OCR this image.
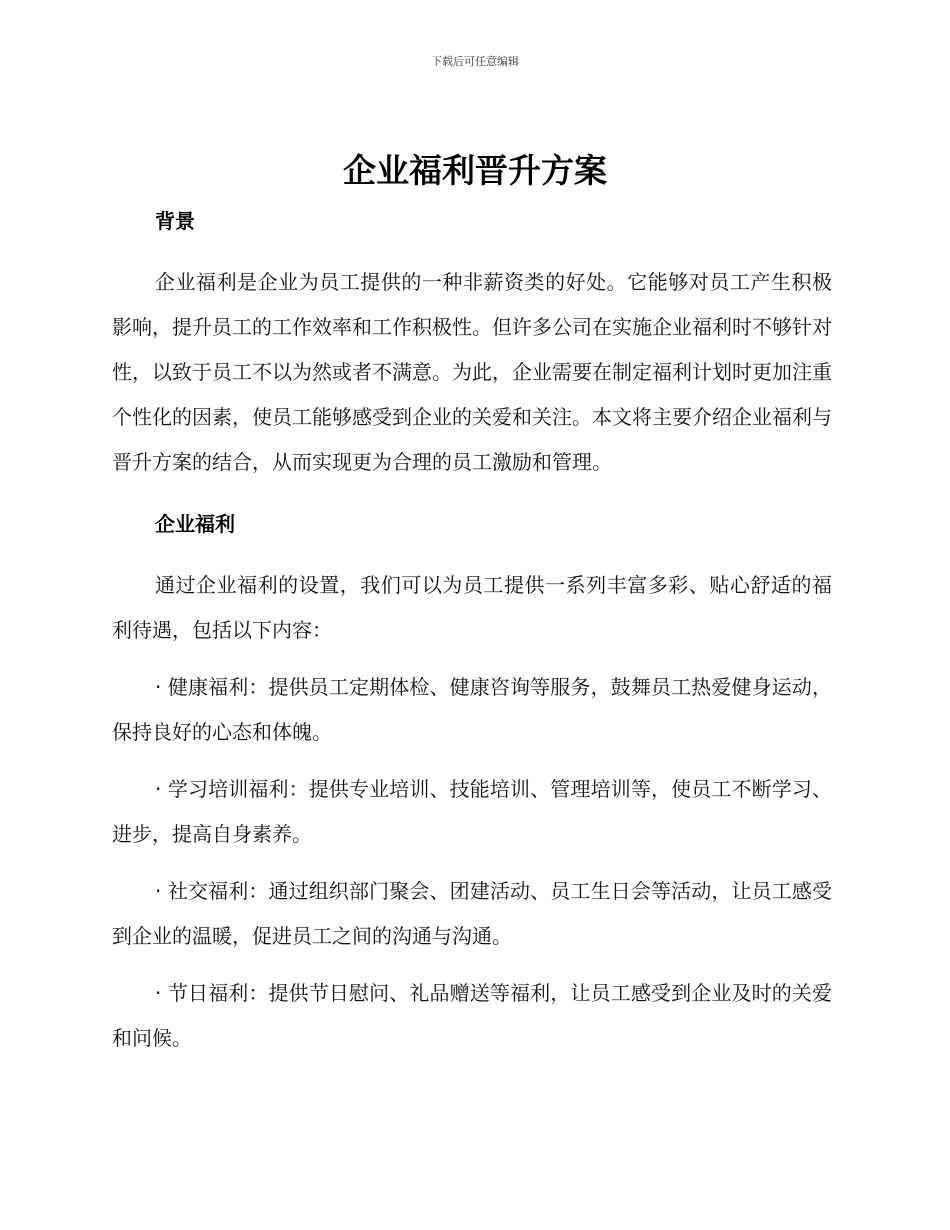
下载后可任意编辑
企业福利晋升方案
背景

企业福利是企业为员工提供的一种非薪资类的好处。它能够对员工产生积极影响，提升员工的工作效率和工作积极性。但许多公司在实施企业福利时不够针对性，以致于员工不以为然或者不满意。为此，企业需要在制定福利计划时更加注重个性化的因素，使员工能够感受到企业的关爱和关注。本文将主要介绍企业福利与晋升方案的结合，从而实现更为合理的员工激励和管理。

企业福利

通过企业福利的设置，我们可以为员工提供一系列丰富多彩、贴心舒适的福利待遇，包括以下内容：

· 健康福利：提供员工定期体检、健康咨询等服务，鼓舞员工热爱健身运动，保持良好的心态和体魄。

· 学习培训福利：提供专业培训、技能培训、管理培训等，使员工不断学习、进步，提高自身素养。

· 社交福利：通过组织部门聚会、团建活动、员工生日会等活动，让员工感受到企业的温暖，促进员工之间的沟通与沟通。

· 节日福利：提供节日慰问、礼品赠送等福利，让员工感受到企业及时的关爱和问候。
